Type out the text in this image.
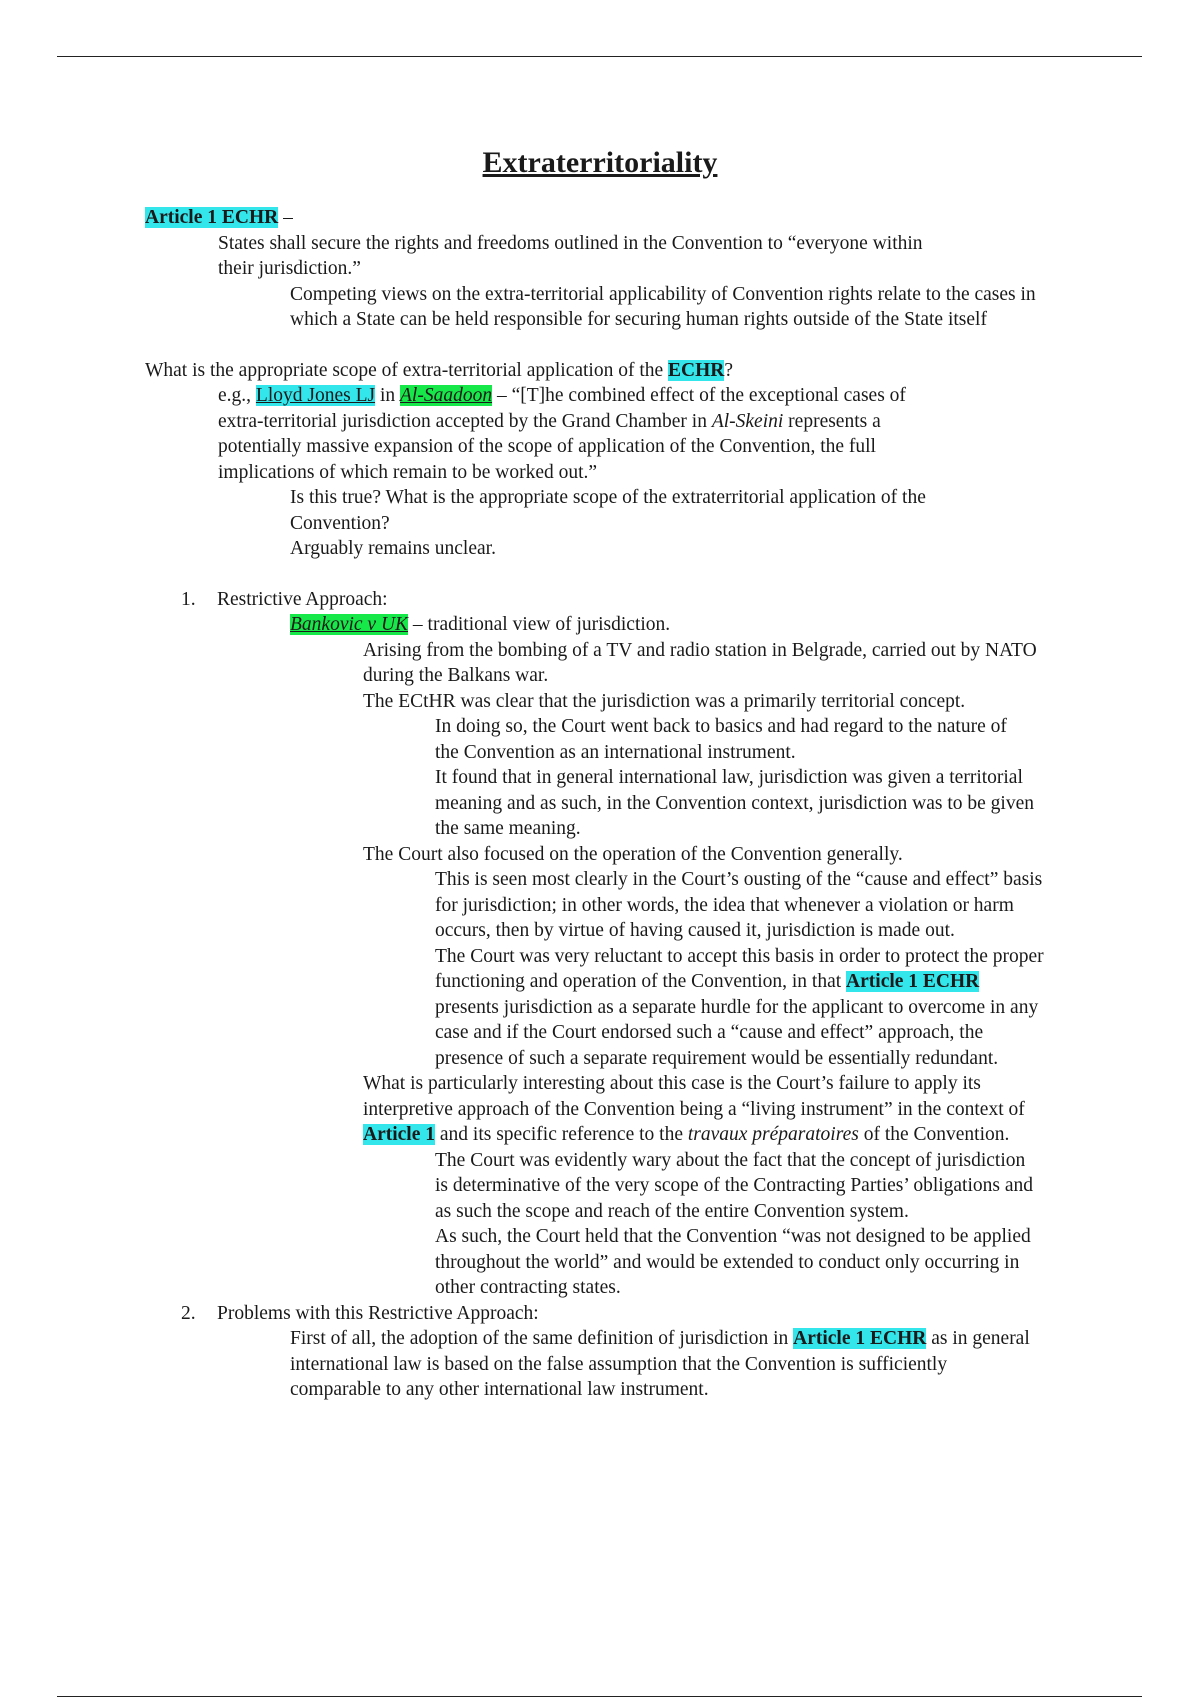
Extraterritoriality

Article 1 ECHR –

States shall secure the rights and freedoms outlined in the Convention to “everyone within their jurisdiction.”

Competing views on the extra-territorial applicability of Convention rights relate to the cases in which a State can be held responsible for securing human rights outside of the State itself

What is the appropriate scope of extra-territorial application of the ECHR?

e.g., Lloyd Jones LJ in Al-Saadoon – “[T]he combined effect of the exceptional cases of extra-territorial jurisdiction accepted by the Grand Chamber in Al-Skeini represents a potentially massive expansion of the scope of application of the Convention, the full implications of which remain to be worked out.”

Is this true? What is the appropriate scope of the extraterritorial application of the Convention?

Arguably remains unclear.

1. Restrictive Approach:

Bankovic v UK – traditional view of jurisdiction.

Arising from the bombing of a TV and radio station in Belgrade, carried out by NATO during the Balkans war.

The ECtHR was clear that the jurisdiction was a primarily territorial concept.

In doing so, the Court went back to basics and had regard to the nature of the Convention as an international instrument.

It found that in general international law, jurisdiction was given a territorial meaning and as such, in the Convention context, jurisdiction was to be given the same meaning.

The Court also focused on the operation of the Convention generally.

This is seen most clearly in the Court’s ousting of the “cause and effect” basis for jurisdiction; in other words, the idea that whenever a violation or harm occurs, then by virtue of having caused it, jurisdiction is made out.

The Court was very reluctant to accept this basis in order to protect the proper functioning and operation of the Convention, in that Article 1 ECHR presents jurisdiction as a separate hurdle for the applicant to overcome in any case and if the Court endorsed such a “cause and effect” approach, the presence of such a separate requirement would be essentially redundant.

What is particularly interesting about this case is the Court’s failure to apply its interpretive approach of the Convention being a “living instrument” in the context of Article 1 and its specific reference to the travaux préparatoires of the Convention.

The Court was evidently wary about the fact that the concept of jurisdiction is determinative of the very scope of the Contracting Parties’ obligations and as such the scope and reach of the entire Convention system.

As such, the Court held that the Convention “was not designed to be applied throughout the world” and would be extended to conduct only occurring in other contracting states.

2. Problems with this Restrictive Approach:

First of all, the adoption of the same definition of jurisdiction in Article 1 ECHR as in general international law is based on the false assumption that the Convention is sufficiently comparable to any other international law instrument.
